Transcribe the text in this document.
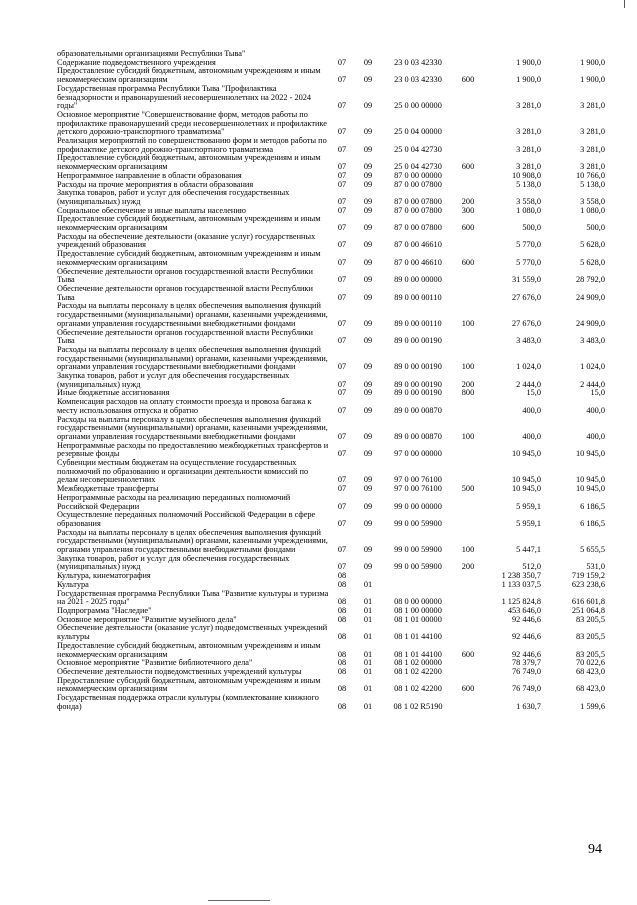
образовательными организациями Республики Тыва"						
Содержание подведомственного учреждения	07	09	23 0 03 42330		1 900,0	1 900,0
Предоставление субсидий бюджетным, автономным учреждениям и иным некоммерческим организациям	07	09	23 0 03 42330	600	1 900,0	1 900,0
Государственная программа Республики Тыва "Профилактика безнадзорности и правонарушений несовершеннолетних на 2022 - 2024 годы"	07	09	25 0 00 00000		3 281,0	3 281,0
Основное мероприятие "Совершенствование форм, методов работы по профилактике правонарушений среди несовершеннолетних и профилактике детского дорожно-транспортного травматизма"	07	09	25 0 04 00000		3 281,0	3 281,0
Реализация мероприятий по совершенствованию форм и методов работы по профилактике детского дорожно-транспортного травматизма	07	09	25 0 04 42730		3 281,0	3 281,0
Предоставление субсидий бюджетным, автономным учреждениям и иным некоммерческим организациям	07	09	25 0 04 42730	600	3 281,0	3 281,0
Непрограммное направление в области образования	07	09	87 0 00 00000		10 908,0	10 766,0
Расходы на прочие мероприятия в области образования	07	09	87 0 00 07800		5 138,0	5 138,0
Закупка товаров, работ и услуг для обеспечения государственных (муниципальных) нужд	07	09	87 0 00 07800	200	3 558,0	3 558,0
Социальное обеспечение и иные выплаты населению	07	09	87 0 00 07800	300	1 080,0	1 080,0
Предоставление субсидий бюджетным, автономным учреждениям и иным некоммерческим организациям	07	09	87 0 00 07800	600	500,0	500,0
Расходы на обеспечение деятельности (оказание услуг) государственных учреждений образования	07	09	87 0 00 46610		5 770,0	5 628,0
Предоставление субсидий бюджетным, автономным учреждениям и иным некоммерческим организациям	07	09	87 0 00 46610	600	5 770,0	5 628,0
Обеспечение деятельности органов государственной власти Республики Тыва	07	09	89 0 00 00000		31 559,0	28 792,0
Обеспечение деятельности органов государственной власти Республики Тыва	07	09	89 0 00 00110		27 676,0	24 909,0
Расходы на выплаты персоналу в целях обеспечения выполнения функций государственными (муниципальными) органами, казенными учреждениями, органами управления государственными внебюджетными фондами	07	09	89 0 00 00110	100	27 676,0	24 909,0
Обеспечение деятельности органов государственной власти Республики Тыва	07	09	89 0 00 00190		3 483,0	3 483,0
Расходы на выплаты персоналу в целях обеспечения выполнения функций государственными (муниципальными) органами, казенными учреждениями, органами управления государственными внебюджетными фондами	07	09	89 0 00 00190	100	1 024,0	1 024,0
Закупка товаров, работ и услуг для обеспечения государственных (муниципальных) нужд	07	09	89 0 00 00190	200	2 444,0	2 444,0
Иные бюджетные ассигнования	07	09	89 0 00 00190	800	15,0	15,0
Компенсация расходов на оплату стоимости проезда и провоза багажа к месту использования отпуска и обратно	07	09	89 0 00 00870		400,0	400,0
Расходы на выплаты персоналу в целях обеспечения выполнения функций государственными (муниципальными) органами, казенными учреждениями, органами управления государственными внебюджетными фондами	07	09	89 0 00 00870	100	400,0	400,0
Непрограммные расходы по предоставлению межбюджетных трансфертов и резервные фонды	07	09	97 0 00 00000		10 945,0	10 945,0
Субвенции местным бюджетам на осуществление государственных полномочий по образованию и организации деятельности комиссий по делам несовершеннолетних	07	09	97 0 00 76100		10 945,0	10 945,0
Межбюджетные трансферты	07	09	97 0 00 76100	500	10 945,0	10 945,0
Непрограммные расходы на реализацию переданных полномочий Российской Федерации	07	09	99 0 00 00000		5 959,1	6 186,5
Осуществление переданных полномочий Российской Федерации в сфере образования	07	09	99 0 00 59900		5 959,1	6 186,5
Расходы на выплаты персоналу в целях обеспечения выполнения функций государственными (муниципальными) органами, казенными учреждениями, органами управления государственными внебюджетными фондами	07	09	99 0 00 59900	100	5 447,1	5 655,5
Закупка товаров, работ и услуг для обеспечения государственных (муниципальных) нужд	07	09	99 0 00 59900	200	512,0	531,0
Культура, кинематография	08				1 238 350,7	719 159,2
Культура	08	01			1 133 037,5	623 238,6
Государственная программа Республики Тыва "Развитие культуры и туризма на 2021 - 2025 годы"	08	01	08 0 00 00000		1 125 824,8	616 601,8
Подпрограмма "Наследие"	08	01	08 1 00 00000		453 646,0	251 064,8
Основное мероприятие "Развитие музейного дела"	08	01	08 1 01 00000		92 446,6	83 205,5
Обеспечение деятельности (оказание услуг) подведомственных учреждений культуры	08	01	08 1 01 44100		92 446,6	83 205,5
Предоставление субсидий бюджетным, автономным учреждениям и иным некоммерческим организациям	08	01	08 1 01 44100	600	92 446,6	83 205,5
Основное мероприятие "Развитие библиотечного дела"	08	01	08 1 02 00000		78 379,7	70 022,6
Обеспечение деятельности подведомственных учреждений культуры	08	01	08 1 02 42200		76 749,0	68 423,0
Предоставление субсидий бюджетным, автономным учреждениям и иным некоммерческим организациям	08	01	08 1 02 42200	600	76 749,0	68 423,0
Государственная поддержка отрасли культуры (комплектование книжного фонда)	08	01	08 1 02 R5190		1 630,7	1 599,6
94
